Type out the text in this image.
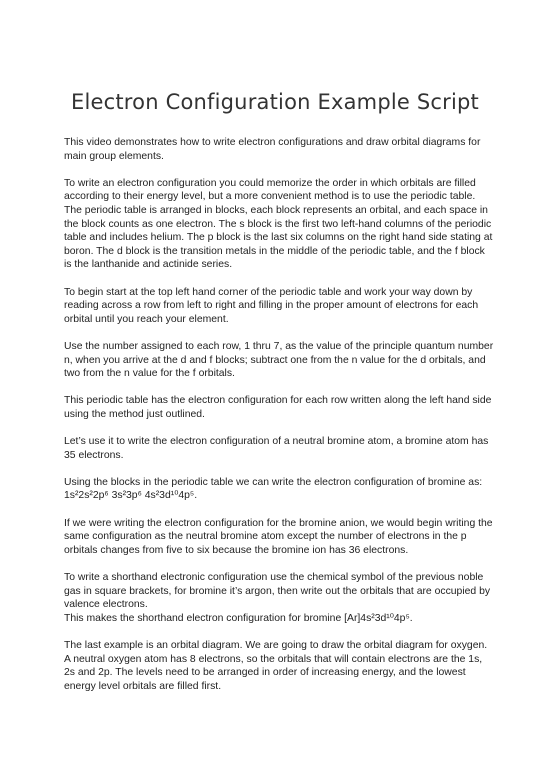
Electron Configuration Example Script

This video demonstrates how to write electron configurations and draw orbital diagrams for main group elements.

To write an electron configuration you could memorize the order in which orbitals are filled according to their energy level, but a more convenient method is to use the periodic table. The periodic table is arranged in blocks, each block represents an orbital, and each space in the block counts as one electron. The s block is the first two left-hand columns of the periodic table and includes helium. The p block is the last six columns on the right hand side stating at boron. The d block is the transition metals in the middle of the periodic table, and the f block is the lanthanide and actinide series.

To begin start at the top left hand corner of the periodic table and work your way down by reading across a row from left to right and filling in the proper amount of electrons for each orbital until you reach your element.

Use the number assigned to each row, 1 thru 7, as the value of the principle quantum number n, when you arrive at the d and f blocks; subtract one from the n value for the d orbitals, and two from the n value for the f orbitals.

This periodic table has the electron configuration for each row written along the left hand side using the method just outlined.

Let’s use it to write the electron configuration of a neutral bromine atom, a bromine atom has 35 electrons.

Using the blocks in the periodic table we can write the electron configuration of bromine as: 1s²2s²2p⁶ 3s²3p⁶ 4s²3d¹⁰4p⁵.

If we were writing the electron configuration for the bromine anion, we would begin writing the same configuration as the neutral bromine atom except the number of electrons in the p orbitals changes from five to six because the bromine ion has 36 electrons.

To write a shorthand electronic configuration use the chemical symbol of the previous noble gas in square brackets, for bromine it’s argon, then write out the orbitals that are occupied by valence electrons.

This makes the shorthand electron configuration for bromine [Ar]4s²3d¹⁰4p⁵.

The last example is an orbital diagram. We are going to draw the orbital diagram for oxygen. A neutral oxygen atom has 8 electrons, so the orbitals that will contain electrons are the 1s, 2s and 2p. The levels need to be arranged in order of increasing energy, and the lowest energy level orbitals are filled first.
